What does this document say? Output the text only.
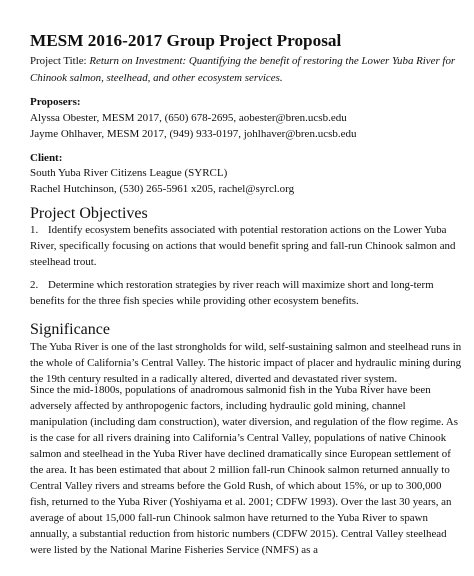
MESM 2016-2017 Group Project Proposal
Project Title: Return on Investment: Quantifying the benefit of restoring the Lower Yuba River for Chinook salmon, steelhead, and other ecosystem services.
Proposers:
Alyssa Obester, MESM 2017, (650) 678-2695, aobester@bren.ucsb.edu
Jayme Ohlhaver, MESM 2017, (949) 933-0197, johlhaver@bren.ucsb.edu
Client:
South Yuba River Citizens League (SYRCL)
Rachel Hutchinson, (530) 265-5961 x205, rachel@syrcl.org
Project Objectives
1. Identify ecosystem benefits associated with potential restoration actions on the Lower Yuba River, specifically focusing on actions that would benefit spring and fall-run Chinook salmon and steelhead trout.
2. Determine which restoration strategies by river reach will maximize short and long-term benefits for the three fish species while providing other ecosystem benefits.
Significance
The Yuba River is one of the last strongholds for wild, self-sustaining salmon and steelhead runs in the whole of California’s Central Valley. The historic impact of placer and hydraulic mining during the 19th century resulted in a radically altered, diverted and devastated river system.
Since the mid-1800s, populations of anadromous salmonid fish in the Yuba River have been adversely affected by anthropogenic factors, including hydraulic gold mining, channel manipulation (including dam construction), water diversion, and regulation of the flow regime. As is the case for all rivers draining into California’s Central Valley, populations of native Chinook salmon and steelhead in the Yuba River have declined dramatically since European settlement of the area. It has been estimated that about 2 million fall-run Chinook salmon returned annually to Central Valley rivers and streams before the Gold Rush, of which about 15%, or up to 300,000 fish, returned to the Yuba River (Yoshiyama et al. 2001; CDFW 1993). Over the last 30 years, an average of about 15,000 fall-run Chinook salmon have returned to the Yuba River to spawn annually, a substantial reduction from historic numbers (CDFW 2015). Central Valley steelhead were listed by the National Marine Fisheries Service (NMFS) as a
